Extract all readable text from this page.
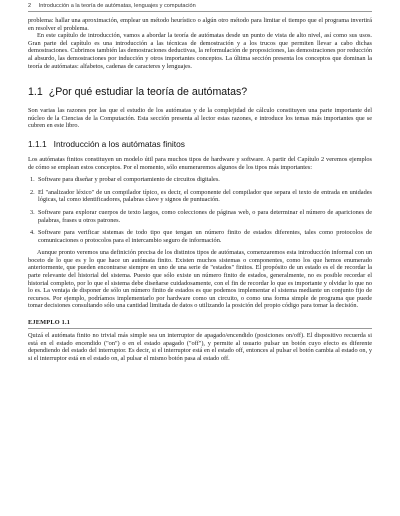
2 Introducción a la teoría de autómatas, lenguajes y computación

problema: hallar una aproximación, emplear un método heurístico o algún otro método para limitar el tiempo que el programa invertirá en resolver el problema.

En este capítulo de introducción, vamos a abordar la teoría de autómatas desde un punto de vista de alto nivel, así como sus usos. Gran parte del capítulo es una introducción a las técnicas de demostración y a los trucos que permiten llevar a cabo dichas demostraciones. Cubrimos también las demostraciones deductivas, la reformulación de proposiciones, las demostraciones por reducción al absurdo, las demostraciones por inducción y otros importantes conceptos. La última sección presenta los conceptos que dominan la teoría de autómatas: alfabetos, cadenas de caracteres y lenguajes.

1.1 ¿Por qué estudiar la teoría de autómatas?

Son varias las razones por las que el estudio de los autómatas y de la complejidad de cálculo constituyen una parte importante del núcleo de la Ciencias de la Computación. Esta sección presenta al lector estas razones, e introduce los temas más importantes que se cubren en este libro.

1.1.1 Introducción a los autómatas finitos

Los autómatas finitos constituyen un modelo útil para muchos tipos de hardware y software. A partir del Capítulo 2 veremos ejemplos de cómo se emplean estos conceptos. Por el momento, sólo enumeraremos algunos de los tipos más importantes:

1. Software para diseñar y probar el comportamiento de circuitos digitales.
2. El "analizador léxico" de un compilador típico, es decir, el componente del compilador que separa el texto de entrada en unidades lógicas, tal como identificadores, palabras clave y signos de puntuación.
3. Software para explorar cuerpos de texto largos, como colecciones de páginas web, o para determinar el número de apariciones de palabras, frases u otros patrones.
4. Software para verificar sistemas de todo tipo que tengan un número finito de estados diferentes, tales como protocolos de comunicaciones o protocolos para el intercambio seguro de información.

Aunque pronto veremos una definición precisa de los distintos tipos de autómatas, comenzaremos esta introducción informal con un boceto de lo que es y lo que hace un autómata finito. Existen muchos sistemas o componentes, como los que hemos enumerado anteriormente, que pueden encontrarse siempre en uno de una serie de "estados" finitos. El propósito de un estado es el de recordar la parte relevante del historial del sistema. Puesto que sólo existe un número finito de estados, generalmente, no es posible recordar el historial completo, por lo que el sistema debe diseñarse cuidadosamente, con el fin de recordar lo que es importante y olvidar lo que no lo es. La ventaja de disponer de sólo un número finito de estados es que podemos implementar el sistema mediante un conjunto fijo de recursos. Por ejemplo, podríamos implementarlo por hardware como un circuito, o como una forma simple de programa que puede tomar decisiones consultando sólo una cantidad limitada de datos o utilizando la posición del propio código para tomar la decisión.

EJEMPLO 1.1

Quizá el autómata finito no trivial más simple sea un interruptor de apagado/encendido (posiciones on/off). El dispositivo recuerda si está en el estado encendido ("on") o en el estado apagado ("off"), y permite al usuario pulsar un botón cuyo efecto es diferente dependiendo del estado del interruptor. Es decir, si el interruptor está en el estado off, entonces al pulsar el botón cambia al estado on, y si el interruptor está en el estado on, al pulsar el mismo botón pasa al estado off.
